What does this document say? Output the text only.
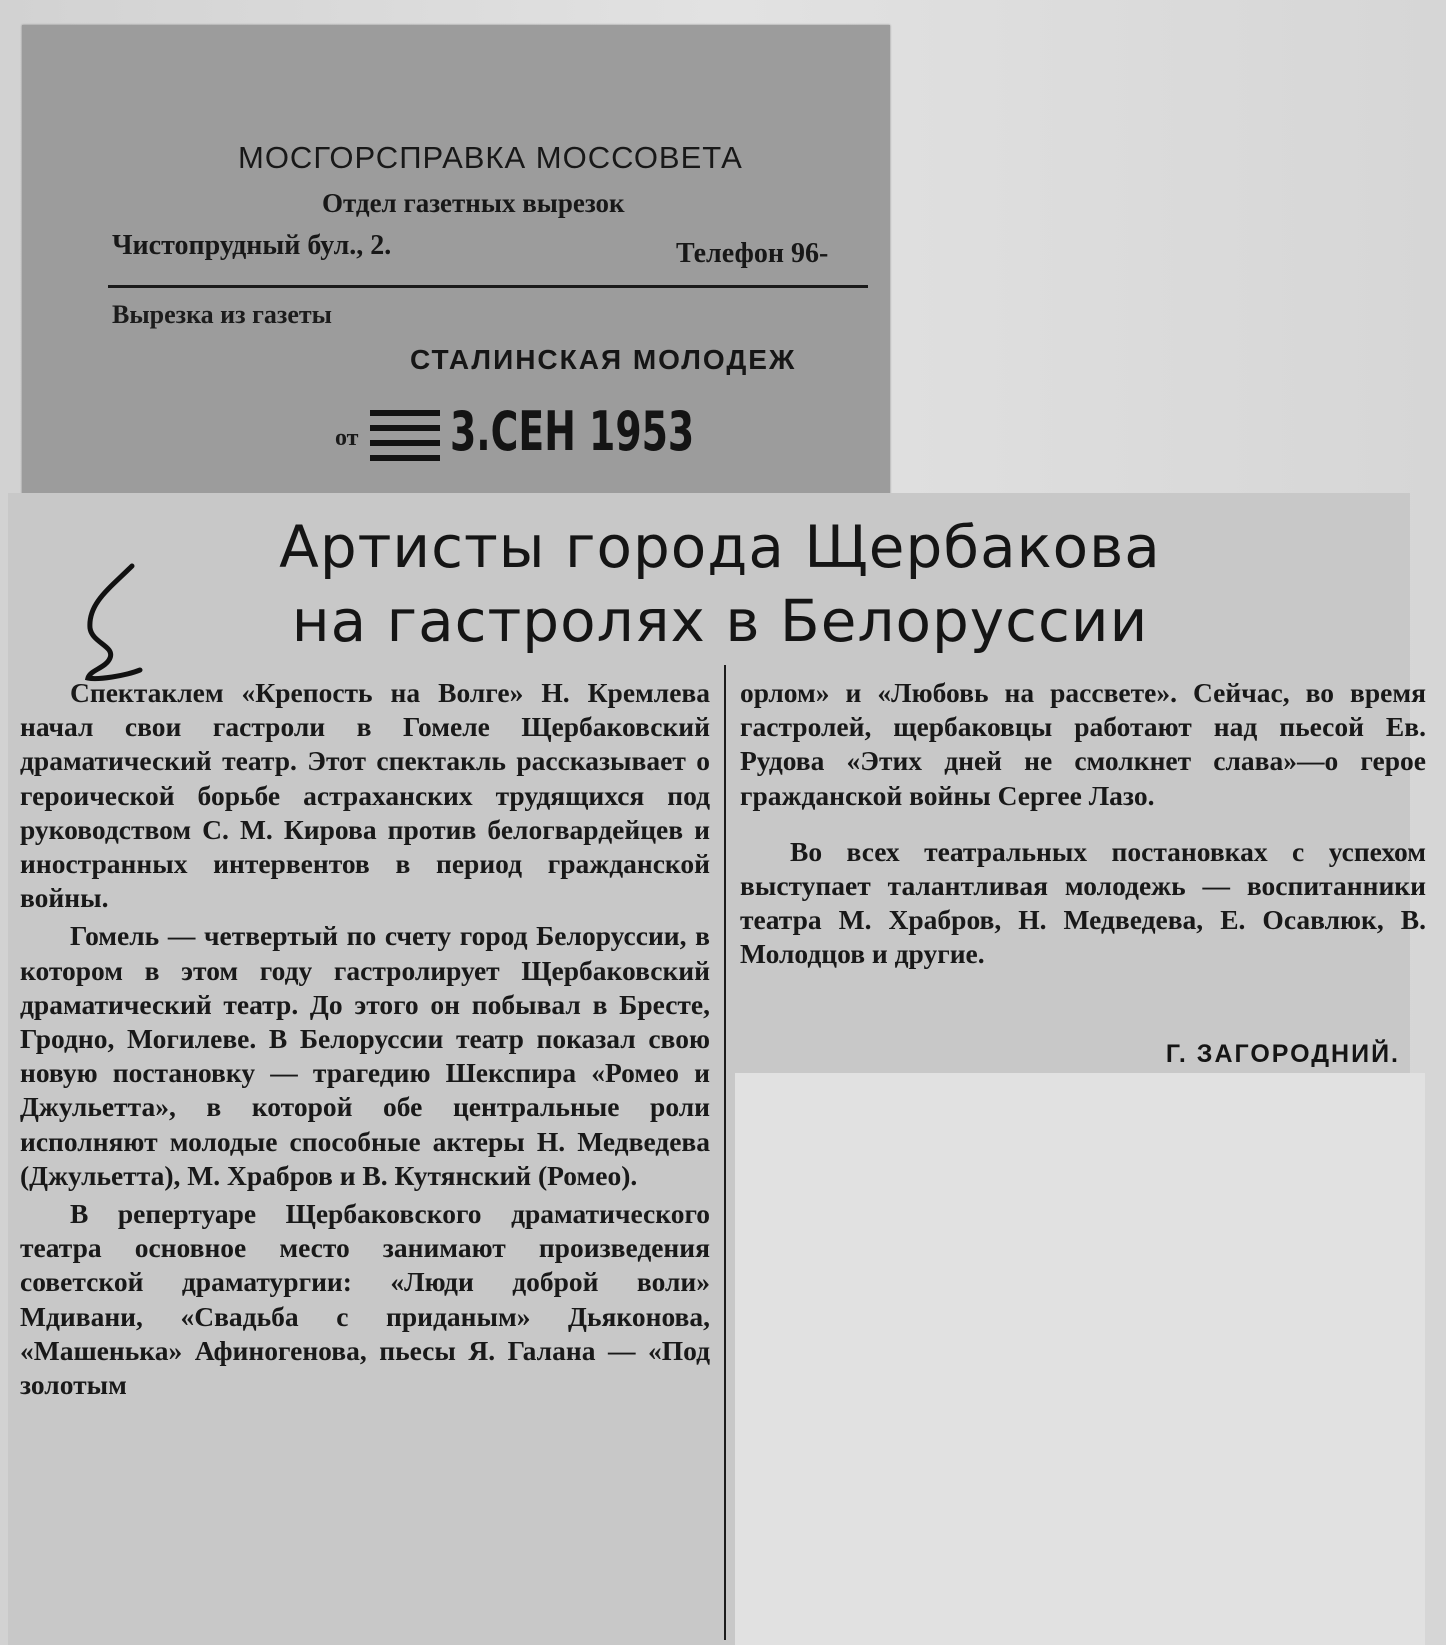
МОСГОРСПРАВКА МОССОВЕТА
Отдел газетных вырезок
Чистопрудный бул., 2.	Телефон 96-
Вырезка из газеты
СТАЛИНСКАЯ МОЛОДЕЖ
от 3.СЕН 1953
Артисты города Щербакова
на гастролях в Белоруссии

Спектаклем «Крепость на Волге» Н. Кремлева начал свои гастроли в Гомеле Щербаковский драматический театр. Этот спектакль рассказывает о героической борьбе астраханских трудящихся под руководством С. М. Кирова против белогвардейцев и иностранных интервентов в период гражданской войны.

Гомель — четвертый по счету город Белоруссии, в котором в этом году гастролирует Щербаковский драматический театр. До этого он побывал в Бресте, Гродно, Могилеве. В Белоруссии театр показал свою новую постановку — трагедию Шекспира «Ромео и Джульетта», в которой обе центральные роли исполняют молодые способные актеры Н. Медведева (Джульетта), М. Храбров и В. Кутянский (Ромео).

В репертуаре Щербаковского драматического театра основное место занимают произведения советской драматургии: «Люди доброй воли» Мдивани, «Свадьба с приданым» Дьяконова, «Машенька» Афиногенова, пьесы Я. Галана — «Под золотым

орлом» и «Любовь на рассвете». Сейчас, во время гастролей, щербаковцы работают над пьесой Ев. Рудова «Этих дней не смолкнет слава»—о герое гражданской войны Сергее Лазо.

Во всех театральных постановках с успехом выступает талантливая молодежь — воспитанники театра М. Храбров, Н. Медведева, Е. Осавлюк, В. Молодцов и другие.

Г. ЗАГОРОДНИЙ.
